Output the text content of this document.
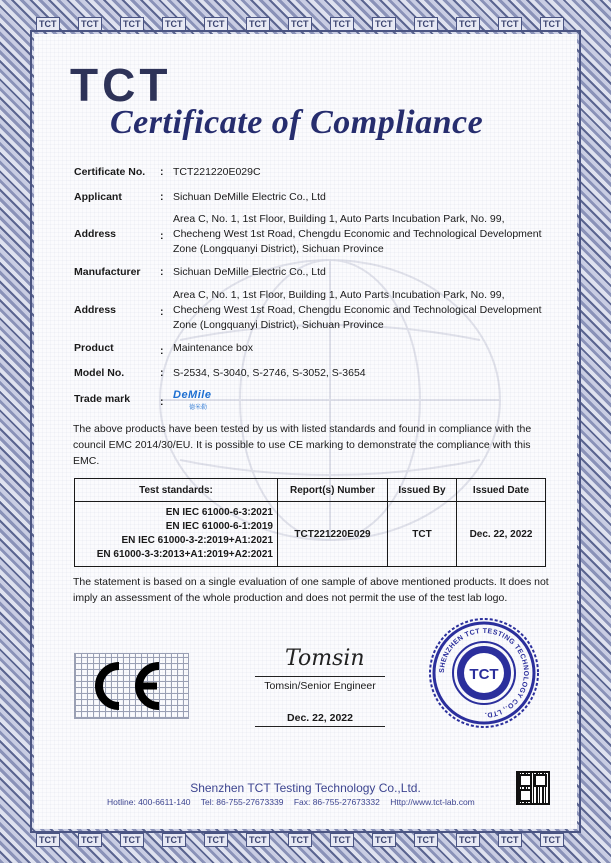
TCT
TCT
TCT
TCT
TCT
TCT
TCT
TCT
TCT
TCT
TCT
TCT
TCT
TCT
TCT
TCT
TCT
TCT
TCT
TCT
TCT
TCT
TCT
TCT
TCT
TCT
TCT
Certificate of Compliance
Certificate No.	: TCT221220E029C
Applicant	: Sichuan DeMille Electric Co., Ltd
Address	:
Area C, No. 1, 1st Floor, Building 1, Auto Parts Incubation Park, No. 99, Checheng West 1st Road, Chengdu Economic and Technological Development Zone (Longquanyi District), Sichuan Province
Manufacturer	: Sichuan DeMille Electric Co., Ltd
Address	:
Area C, No. 1, 1st Floor, Building 1, Auto Parts Incubation Park, No. 99, Checheng West 1st Road, Chengdu Economic and Technological Development Zone (Longquanyi District), Sichuan Province
Product	: Maintenance box
Model No.	: S-2534, S-3040, S-2746, S-3052, S-3654
Trade mark	:
DeMile
$^{德米勒}$
The above products have been tested by us with listed standards and found in compliance with the council EMC 2014/30/EU. It is possible to use CE marking to demonstrate the compliance with this EMC.
Test standards:	Report(s) Number	Issued By	Issued Date

EN IEC 61000-6-3:2021
EN IEC 61000-6-1:2019
EN IEC 61000-3-2:2019+A1:2021
EN 61000-3-3:2013+A1:2019+A2:2021	TCT221220E029	TCT	Dec. 22, 2022
The statement is based on a single evaluation of one sample of above mentioned products. It does not imply an assessment of the whole production and does not permit the use of the test lab logo.
Tomsin
Tomsin/Senior Engineer
Dec. 22, 2022
SHENZHEN TCT TESTING TECHNOLOGY CO., LTD.
TCT
Shenzhen TCT Testing Technology Co.,Ltd.
Hotline: 400-6611-140 Tel: 86-755-27673339 Fax: 86-755-27673332 Http://www.tct-lab.com
